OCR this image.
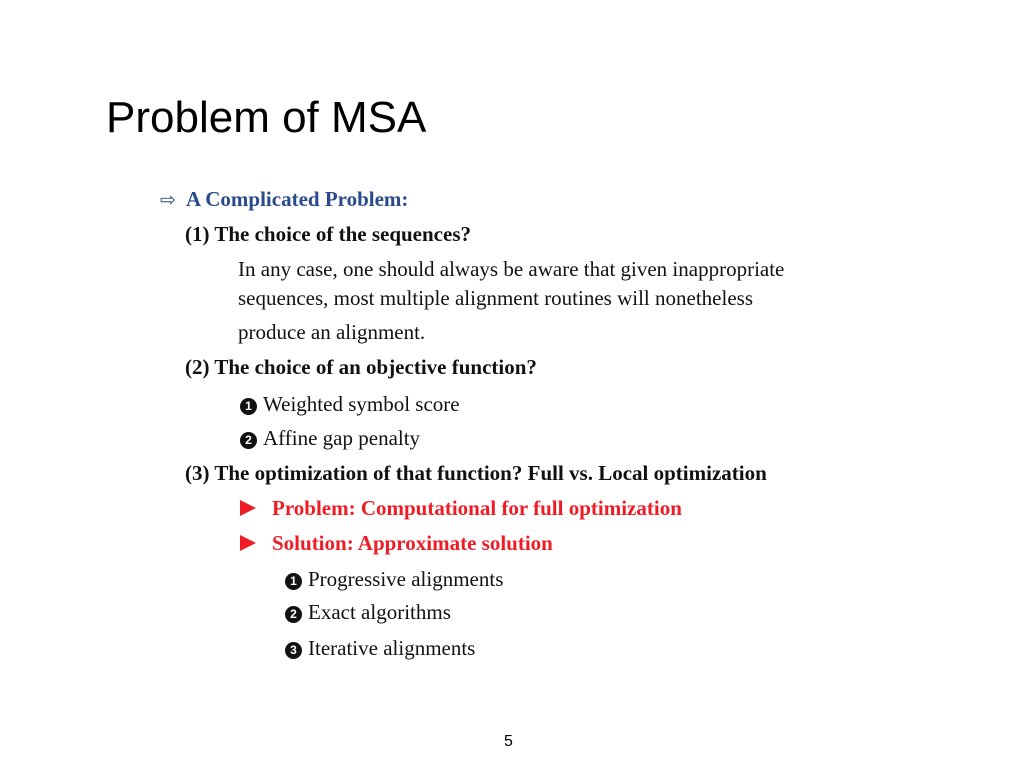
Problem of MSA
⇨ A Complicated Problem:
(1) The choice of the sequences?
In any case, one should always be aware that given inappropriate
sequences, most multiple alignment routines will nonetheless
produce an alignment.
(2) The choice of an objective function?
1 Weighted symbol score
2 Affine gap penalty
(3) The optimization of that function? Full vs. Local optimization
Problem: Computational for full optimization
Solution: Approximate solution
1 Progressive alignments
2 Exact algorithms
3 Iterative alignments
5
